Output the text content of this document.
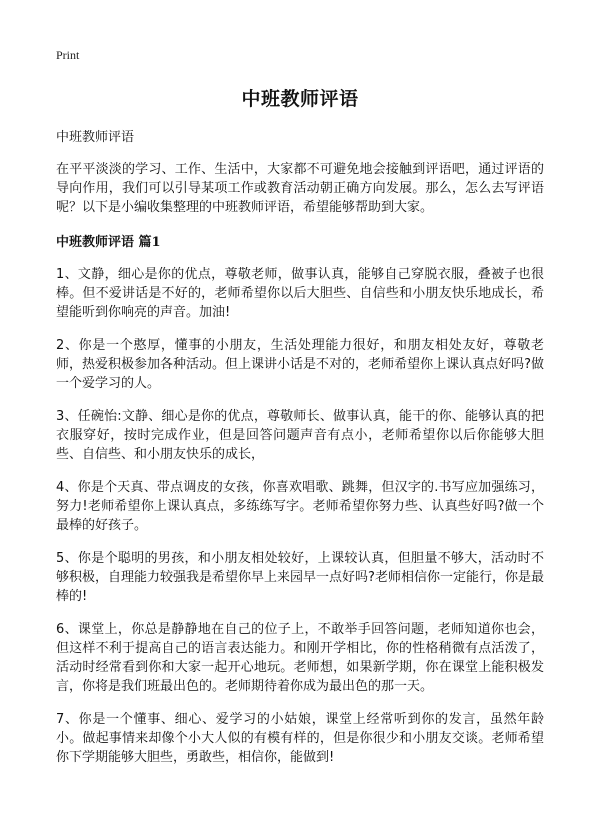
Print
中班教师评语

中班教师评语

在平平淡淡的学习、工作、生活中，大家都不可避免地会接触到评语吧，通过评语的导向作用，我们可以引导某项工作或教育活动朝正确方向发展。那么，怎么去写评语呢？以下是小编收集整理的中班教师评语，希望能够帮助到大家。

中班教师评语 篇1

1、文静，细心是你的优点，尊敬老师，做事认真，能够自己穿脱衣服，叠被子也很棒。但不爱讲话是不好的，老师希望你以后大胆些、自信些和小朋友快乐地成长，希望能听到你响亮的声音。加油!

2、你是一个憨厚，懂事的小朋友，生活处理能力很好，和朋友相处友好，尊敬老师，热爱积极参加各种活动。但上课讲小话是不对的，老师希望你上课认真点好吗?做一个爱学习的人。

3、任碗怡:文静、细心是你的优点，尊敬师长、做事认真，能干的你、能够认真的把衣服穿好，按时完成作业，但是回答问题声音有点小，老师希望你以后你能够大胆些、自信些、和小朋友快乐的成长，

4、你是个天真、带点调皮的女孩，你喜欢唱歌、跳舞，但汉字的.书写应加强练习，努力!老师希望你上课认真点，多练练写字。老师希望你努力些、认真些好吗?做一个最棒的好孩子。

5、你是个聪明的男孩，和小朋友相处较好，上课较认真，但胆量不够大，活动时不够积极，自理能力较强我是希望你早上来园早一点好吗?老师相信你一定能行，你是最棒的!

6、课堂上，你总是静静地在自己的位子上，不敢举手回答问题，老师知道你也会，但这样不利于提高自己的语言表达能力。和刚开学相比，你的性格稍微有点活泼了，活动时经常看到你和大家一起开心地玩。老师想，如果新学期，你在课堂上能积极发言，你将是我们班最出色的。老师期待着你成为最出色的那一天。

7、你是一个懂事、细心、爱学习的小姑娘，课堂上经常听到你的发言，虽然年龄小。做起事情来却像个小大人似的有模有样的，但是你很少和小朋友交谈。老师希望你下学期能够大胆些，勇敢些，相信你，能做到!
